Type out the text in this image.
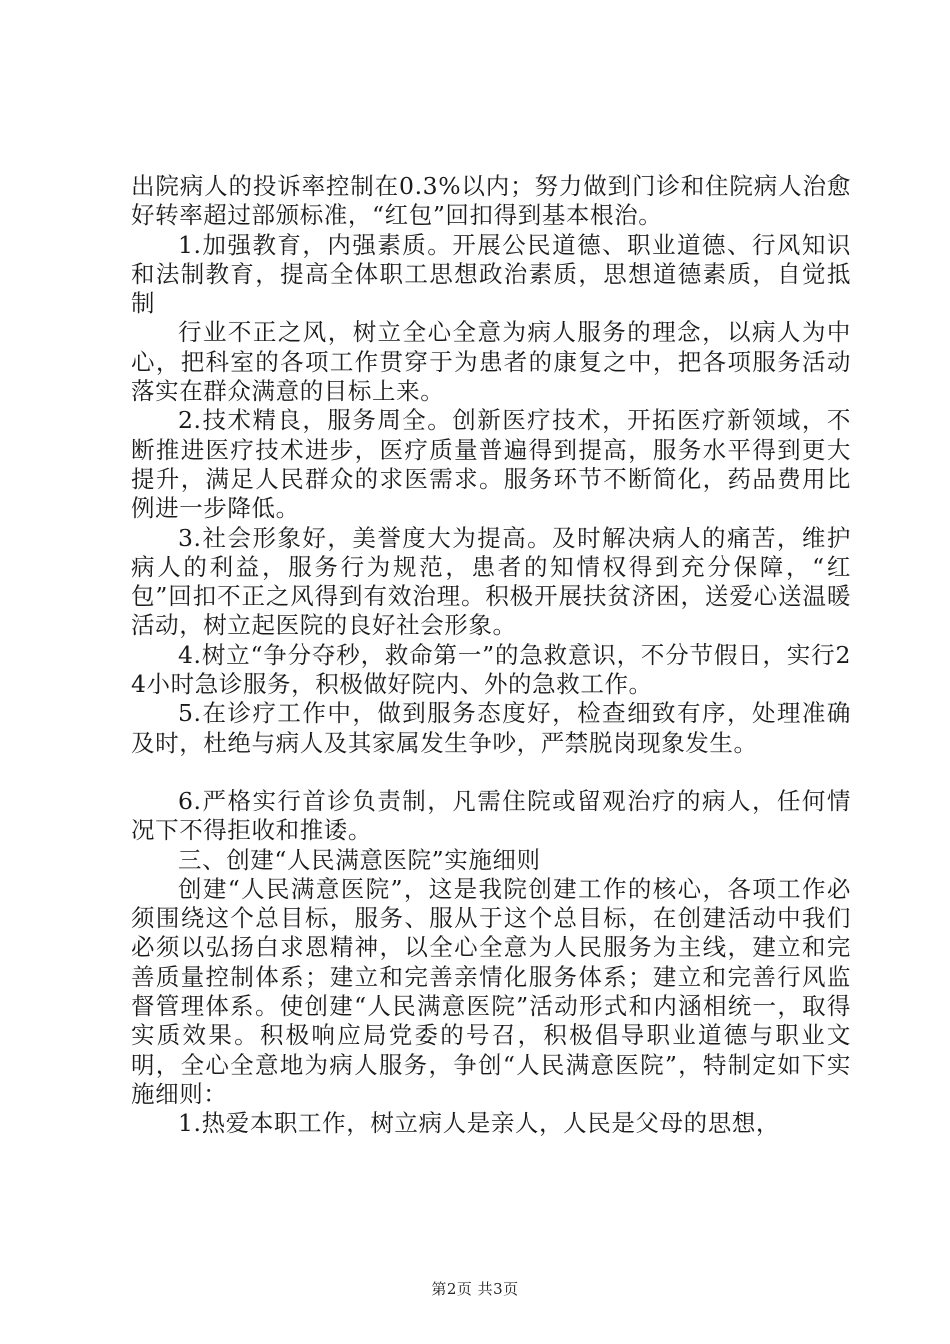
出院病人的投诉率控制在0.3%以内；努力做到门诊和住院病人治愈好转率超过部颁标准，“红包”回扣得到基本根治。

1.加强教育，内强素质。开展公民道德、职业道德、行风知识和法制教育，提高全体职工思想政治素质，思想道德素质，自觉抵制

行业不正之风，树立全心全意为病人服务的理念，以病人为中心，把科室的各项工作贯穿于为患者的康复之中，把各项服务活动落实在群众满意的目标上来。

2.技术精良，服务周全。创新医疗技术，开拓医疗新领域，不断推进医疗技术进步，医疗质量普遍得到提高，服务水平得到更大提升，满足人民群众的求医需求。服务环节不断简化，药品费用比例进一步降低。

3.社会形象好，美誉度大为提高。及时解决病人的痛苦，维护病人的利益，服务行为规范，患者的知情权得到充分保障，“红包”回扣不正之风得到有效治理。积极开展扶贫济困，送爱心送温暖活动，树立起医院的良好社会形象。

4.树立“争分夺秒，救命第一”的急救意识，不分节假日，实行24小时急诊服务，积极做好院内、外的急救工作。

5.在诊疗工作中，做到服务态度好，检查细致有序，处理准确及时，杜绝与病人及其家属发生争吵，严禁脱岗现象发生。

6.严格实行首诊负责制，凡需住院或留观治疗的病人，任何情况下不得拒收和推诿。

三、创建“人民满意医院”实施细则

创建“人民满意医院”，这是我院创建工作的核心，各项工作必须围绕这个总目标，服务、服从于这个总目标，在创建活动中我们必须以弘扬白求恩精神，以全心全意为人民服务为主线，建立和完善质量控制体系；建立和完善亲情化服务体系；建立和完善行风监督管理体系。使创建“人民满意医院”活动形式和内涵相统一，取得实质效果。积极响应局党委的号召，积极倡导职业道德与职业文明，全心全意地为病人服务，争创“人民满意医院”，特制定如下实施细则：

1.热爱本职工作，树立病人是亲人，人民是父母的思想，

第2页 共3页
